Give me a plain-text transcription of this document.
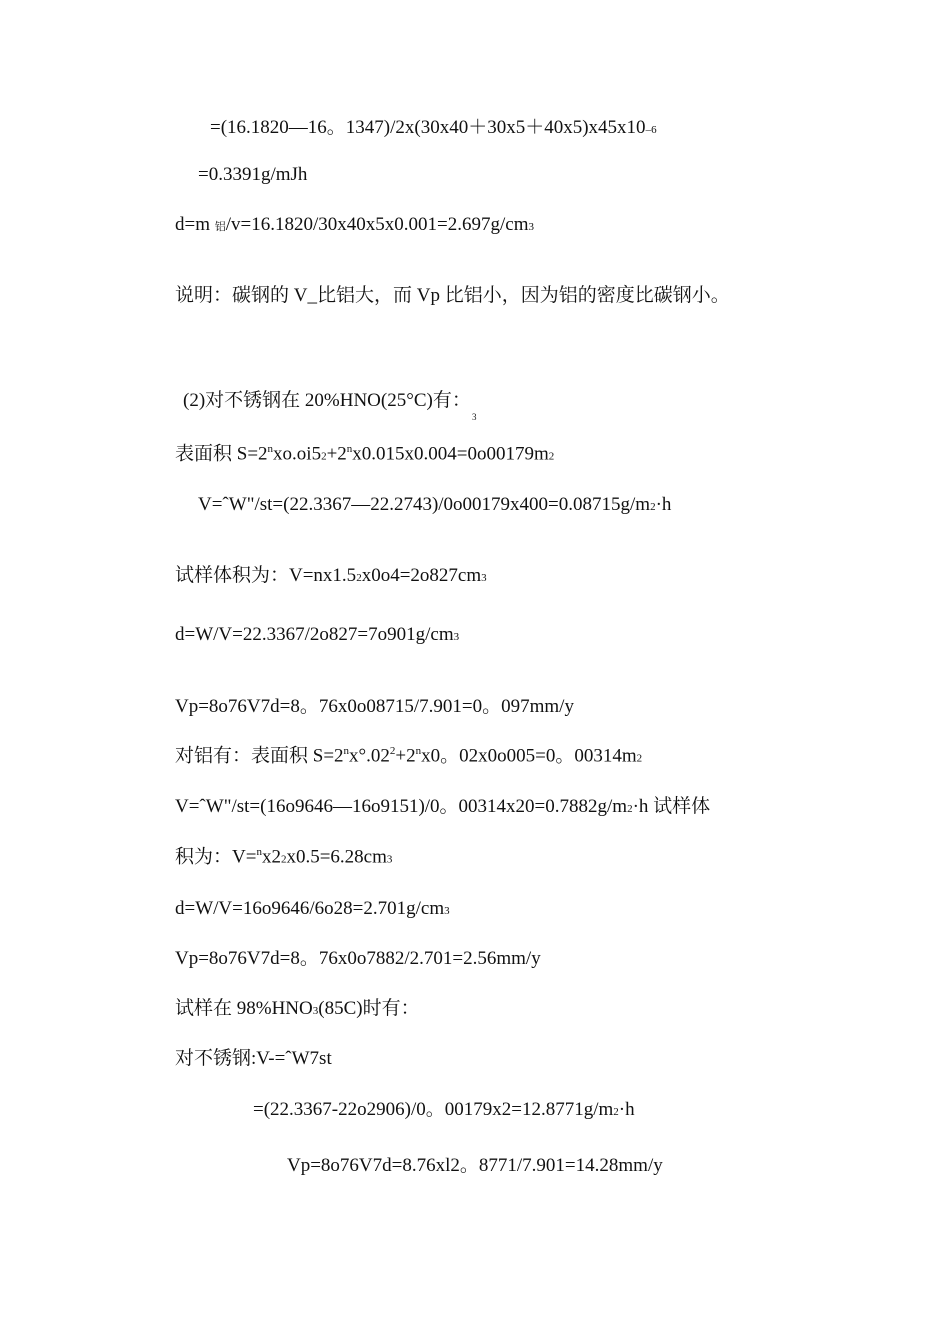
=(16.1820—16。1347)/2x(30x40＋30x5＋40x5)x45x10–6
=0.3391g/mJh
d=m 铝/v=16.1820/30x40x5x0.001=2.697g/cm3
说明：碳钢的 V_比铝大，而 Vp 比铝小，因为铝的密度比碳钢小。
(2)对不锈钢在 20%HNO(25°C)有：
3
表面积 $S=2^nxo.oi52+2^nx0.015x0.004=0o00179m2$
V=ˆW"/st=(22.3367—22.2743)/0o00179x400=0.08715g/m2·h
试样体积为：V=nx1.52x0o4=2o827cm3
d=W/V=22.3367/2o827=7o901g/cm3
Vp=8o76V7d=8。76x0o08715/7.901=0。097mm/y
对铝有：表面积 $S=2^nx^\circ.02^2+2^nx0$。02x0o005=0。00314m2
V=ˆW"/st=(16o9646—16o9151)/0。00314x20=0.7882g/m2·h 试样体
积为：V=$^n$x22x0.5=6.28cm3
d=W/V=16o9646/6o28=2.701g/cm3
Vp=8o76V7d=8。76x0o7882/2.701=2.56mm/y
试样在 98%HNO3(85C)时有：
对不锈钢:V-=ˆW7st
=(22.3367-22o2906)/0。00179x2=12.8771g/m2·h
Vp=8o76V7d=8.76xl2。8771/7.901=14.28mm/y
